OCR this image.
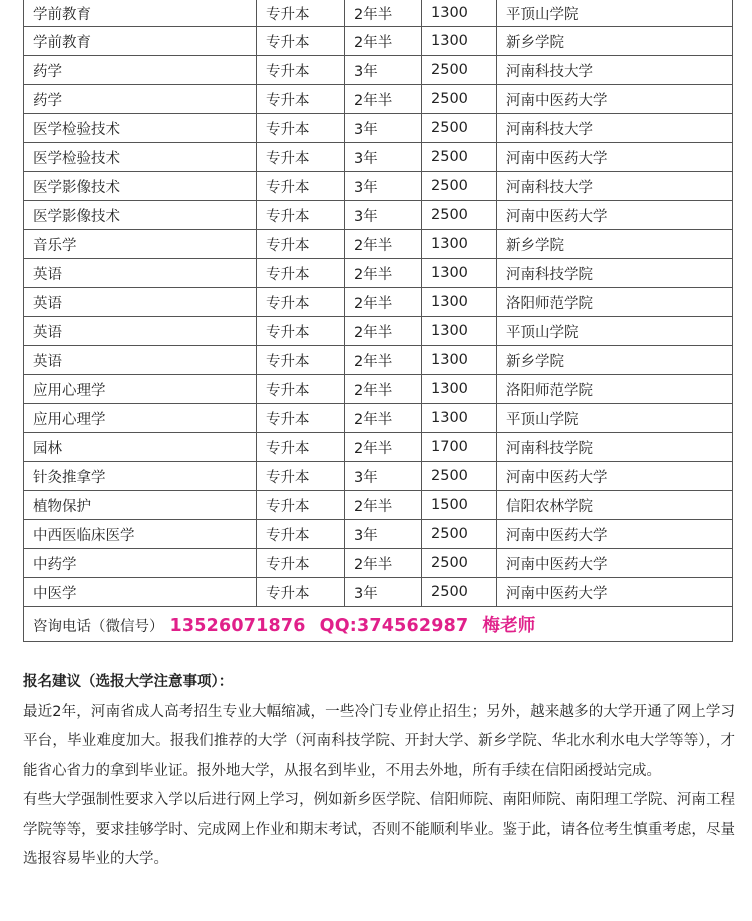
学前教育	专升本	2年半	1300	平顶山学院
学前教育	专升本	2年半	1300	新乡学院
药学	专升本	3年	2500	河南科技大学
药学	专升本	2年半	2500	河南中医药大学
医学检验技术	专升本	3年	2500	河南科技大学
医学检验技术	专升本	3年	2500	河南中医药大学
医学影像技术	专升本	3年	2500	河南科技大学
医学影像技术	专升本	3年	2500	河南中医药大学
音乐学	专升本	2年半	1300	新乡学院
英语	专升本	2年半	1300	河南科技学院
英语	专升本	2年半	1300	洛阳师范学院
英语	专升本	2年半	1300	平顶山学院
英语	专升本	2年半	1300	新乡学院
应用心理学	专升本	2年半	1300	洛阳师范学院
应用心理学	专升本	2年半	1300	平顶山学院
园林	专升本	2年半	1700	河南科技学院
针灸推拿学	专升本	3年	2500	河南中医药大学
植物保护	专升本	2年半	1500	信阳农林学院
中西医临床医学	专升本	3年	2500	河南中医药大学
中药学	专升本	2年半	2500	河南中医药大学
中医学	专升本	3年	2500	河南中医药大学
咨询电话（微信号） 13526071876 QQ:374562987 梅老师				
报名建议（选报大学注意事项）：

最近2年，河南省成人高考招生专业大幅缩减，一些冷门专业停止招生；另外，越来越多的大学开通了网上学习平台，毕业难度加大。报我们推荐的大学（河南科技学院、开封大学、新乡学院、华北水利水电大学等等），才能省心省力的拿到毕业证。报外地大学，从报名到毕业，不用去外地，所有手续在信阳函授站完成。

有些大学强制性要求入学以后进行网上学习，例如新乡医学院、信阳师院、南阳师院、南阳理工学院、河南工程学院等等，要求挂够学时、完成网上作业和期末考试，否则不能顺利毕业。鉴于此，请各位考生慎重考虑，尽量选报容易毕业的大学。
